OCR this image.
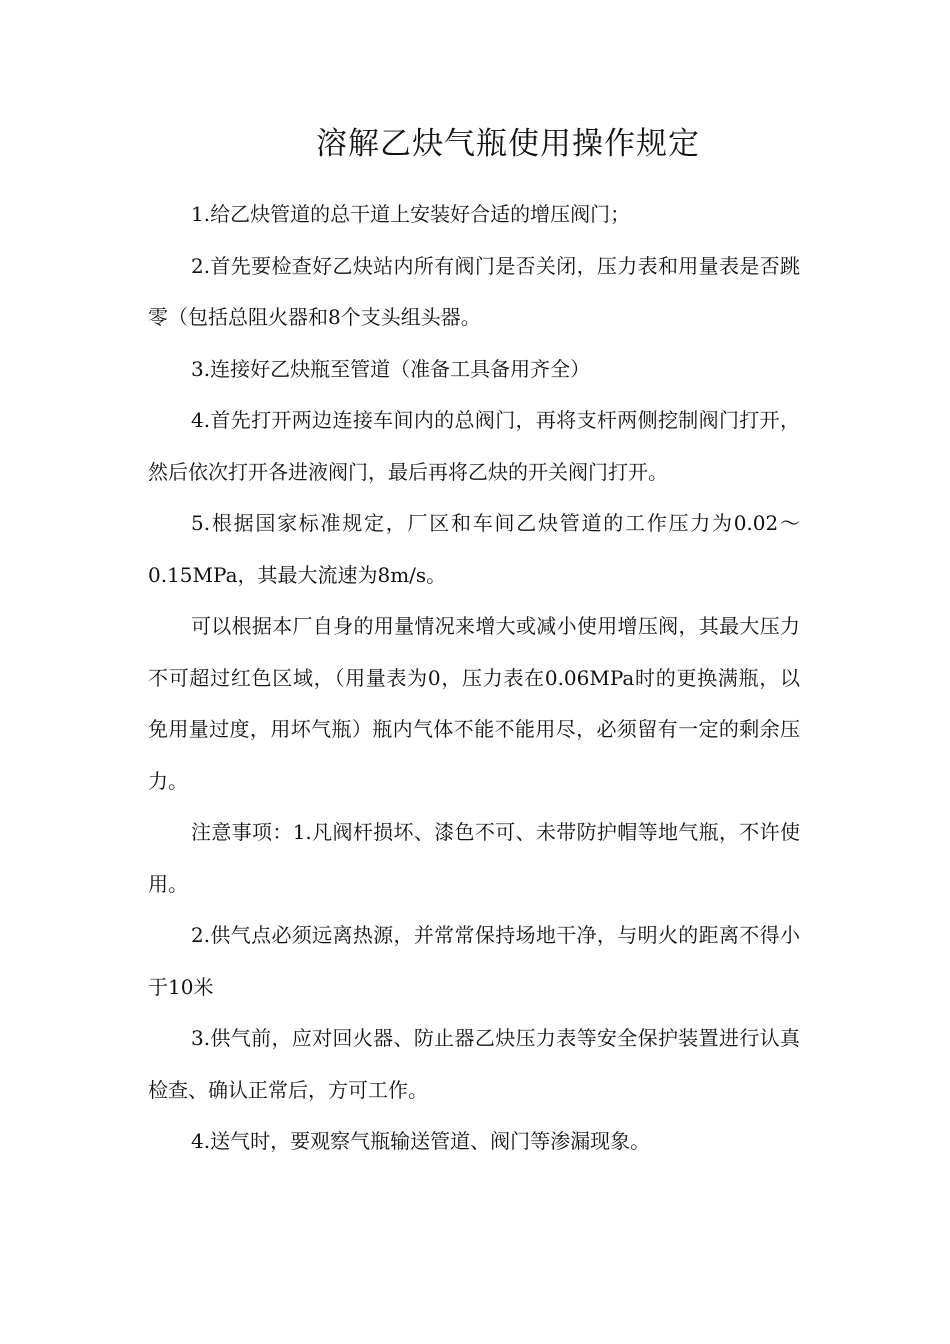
溶解乙炔气瓶使用操作规定

1.给乙炔管道的总干道上安装好合适的增压阀门；

2.首先要检查好乙炔站内所有阀门是否关闭，压力表和用量表是否跳零（包括总阻火器和8个支头组头器。

3.连接好乙炔瓶至管道（准备工具备用齐全）

4.首先打开两边连接车间内的总阀门，再将支杆两侧挖制阀门打开，然后依次打开各进液阀门，最后再将乙炔的开关阀门打开。

5.根据国家标准规定，厂区和车间乙炔管道的工作压力为0.02～0.15MPa，其最大流速为8m/s。

可以根据本厂自身的用量情况来增大或减小使用增压阀，其最大压力不可超过红色区域，（用量表为0，压力表在0.06MPa时的更换满瓶，以免用量过度，用坏气瓶）瓶内气体不能不能用尽，必须留有一定的剩余压力。

注意事项：1.凡阀杆损坏、漆色不可、未带防护帽等地气瓶，不许使用。

2.供气点必须远离热源，并常常保持场地干净，与明火的距离不得小于10米

3.供气前，应对回火器、防止器乙炔压力表等安全保护装置进行认真检查、确认正常后，方可工作。

4.送气时，要观察气瓶输送管道、阀门等渗漏现象。
